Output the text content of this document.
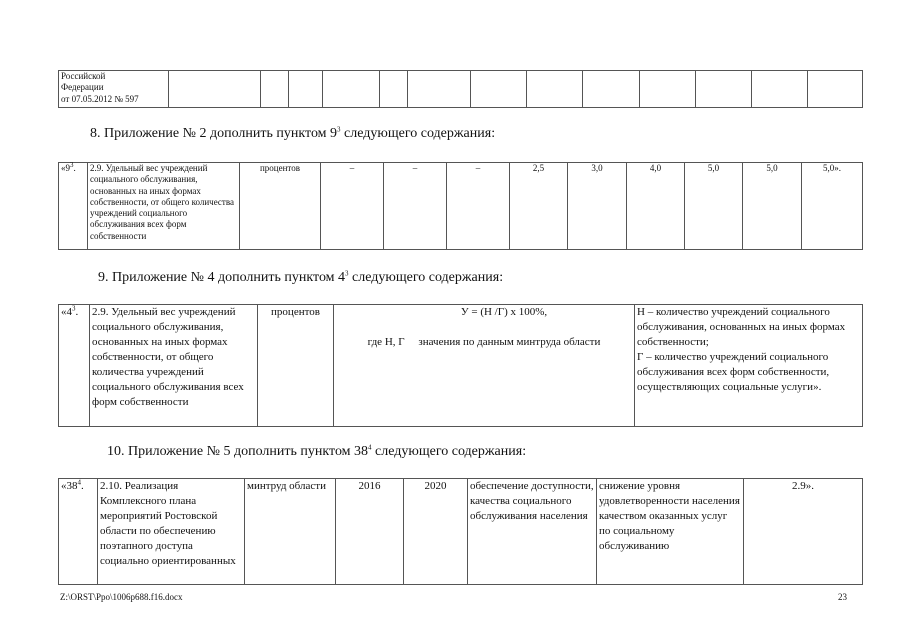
Российской
Федерации
от 07.05.2012 № 597													
8. Приложение № 2 дополнить пунктом $9^3$ следующего содержания:
«$9^3$.	2.9. Удельный вес учреждений социального обслуживания, основанных на иных формах собственности, от общего количества учреждений социального обслуживания всех форм собственности	процентов	–	–	–	2,5	3,0	4,0	5,0	5,0	5,0».
9. Приложение № 4 дополнить пунктом $4^3$ следующего содержания:
«$4^3$.	2.9. Удельный вес учреждений социального обслуживания, основанных на иных формах собственности, от общего количества учреждений социального обслуживания всех форм собственности	процентов	У = (Н /Г) х 100%,
где Н, Г     значения по данным минтруда области
	Н – количество учреждений социального обслуживания, основанных на иных формах собственности;
Г – количество учреждений социального обслуживания всех форм собственности, осуществляющих социальные услуги».
10. Приложение № 5 дополнить пунктом $38^4$ следующего содержания:
«$38^4$.	2.10. Реализация Комплексного плана мероприятий Ростовской области по обеспечению поэтапного доступа социально ориентированных	минтруд области	2016	2020	обеспечение доступности, качества социального обслуживания населения	снижение уровня удовлетворенности населения качеством оказанных услуг по социальному обслуживанию	2.9».
Z:\ORST\Ppo\1006p688.f16.docx	23
